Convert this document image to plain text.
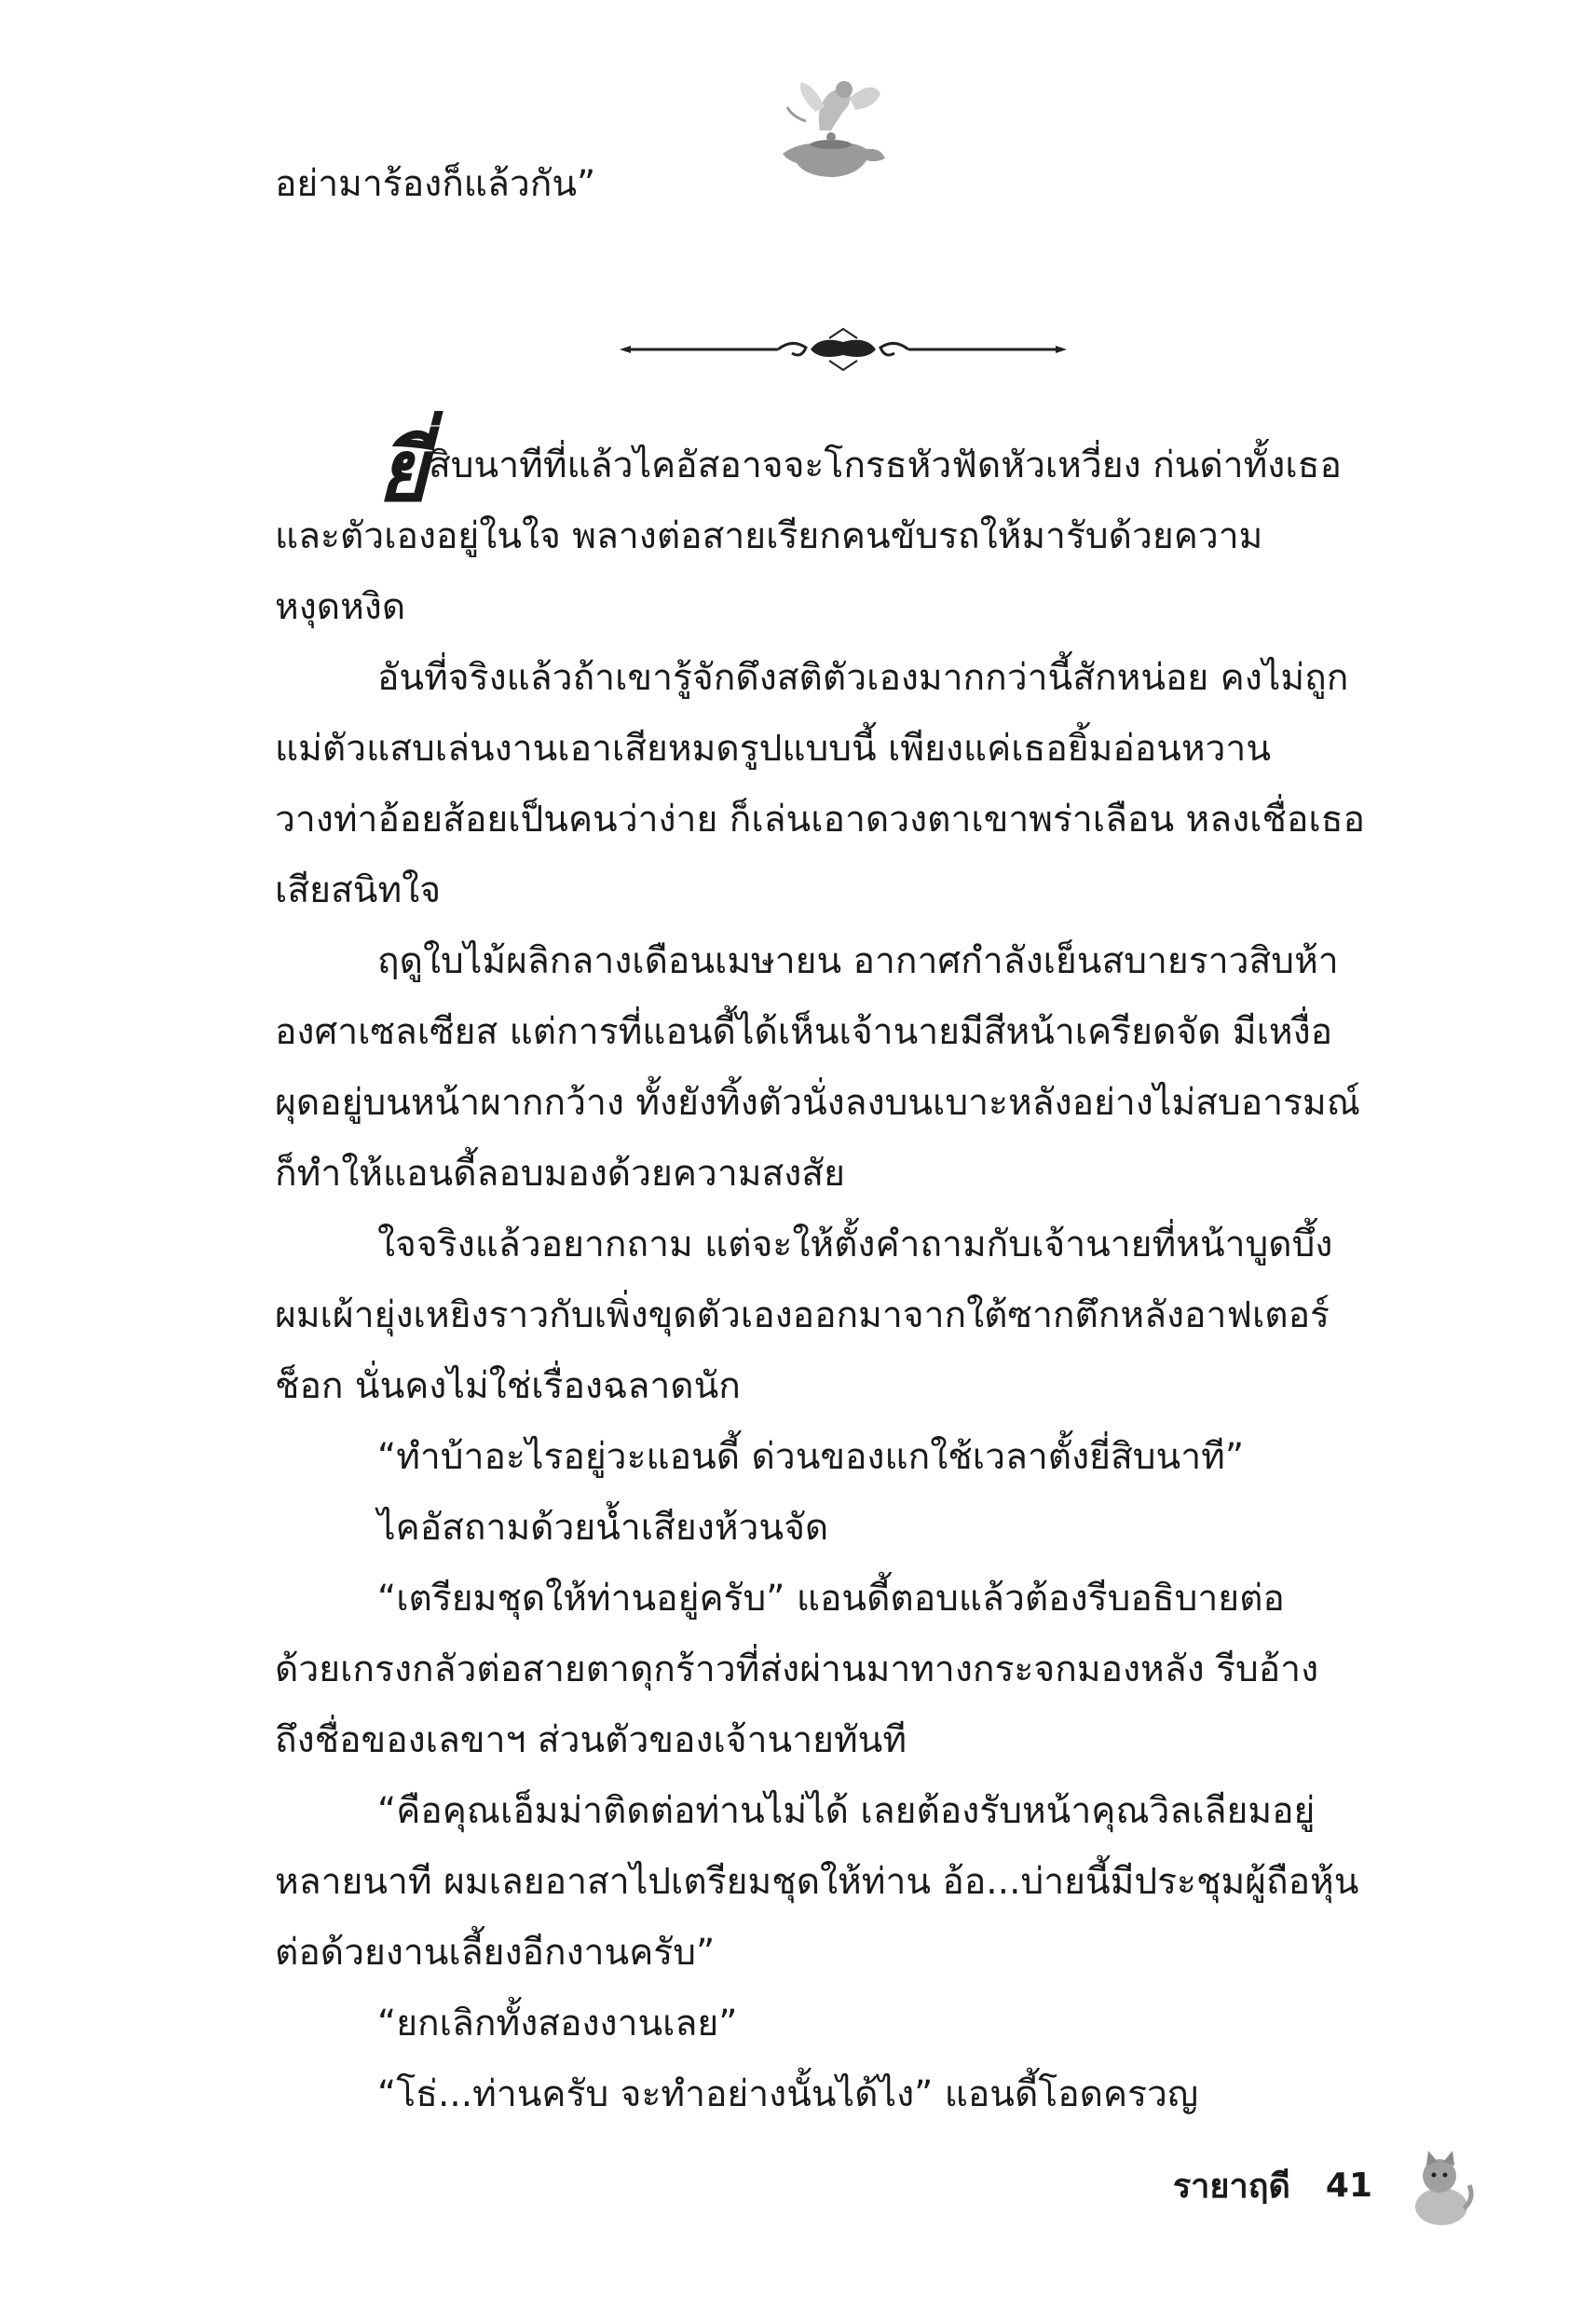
อย่ามาร้องก็แล้วกัน”
ยี่ สิบนาทีที่แล้วไคอัสอาจจะโกรธหัวฟัดหัวเหวี่ยง ก่นด่าทั้งเธอ
และตัวเองอยู่ในใจ พลางต่อสายเรียกคนขับรถให้มารับด้วยความ
หงุดหงิด
อันที่จริงแล้วถ้าเขารู้จักดึงสติตัวเองมากกว่านี้สักหน่อย คงไม่ถูก
แม่ตัวแสบเล่นงานเอาเสียหมดรูปแบบนี้ เพียงแค่เธอยิ้มอ่อนหวาน
วางท่าอ้อยส้อยเป็นคนว่าง่าย ก็เล่นเอาดวงตาเขาพร่าเลือน หลงเชื่อเธอ
เสียสนิทใจ
ฤดูใบไม้ผลิกลางเดือนเมษายน อากาศกำลังเย็นสบายราวสิบห้า
องศาเซลเซียส แต่การที่แอนดี้ได้เห็นเจ้านายมีสีหน้าเครียดจัด มีเหงื่อ
ผุดอยู่บนหน้าผากกว้าง ทั้งยังทิ้งตัวนั่งลงบนเบาะหลังอย่างไม่สบอารมณ์
ก็ทำให้แอนดี้ลอบมองด้วยความสงสัย
ใจจริงแล้วอยากถาม แต่จะให้ตั้งคำถามกับเจ้านายที่หน้าบูดบึ้ง
ผมเผ้ายุ่งเหยิงราวกับเพิ่งขุดตัวเองออกมาจากใต้ซากตึกหลังอาฟเตอร์
ช็อก นั่นคงไม่ใช่เรื่องฉลาดนัก
“ทำบ้าอะไรอยู่วะแอนดี้ ด่วนของแกใช้เวลาตั้งยี่สิบนาที”
ไคอัสถามด้วยน้ำเสียงห้วนจัด
“เตรียมชุดให้ท่านอยู่ครับ” แอนดี้ตอบแล้วต้องรีบอธิบายต่อ
ด้วยเกรงกลัวต่อสายตาดุกร้าวที่ส่งผ่านมาทางกระจกมองหลัง รีบอ้าง
ถึงชื่อของเลขาฯ ส่วนตัวของเจ้านายทันที
“คือคุณเอ็มม่าติดต่อท่านไม่ได้ เลยต้องรับหน้าคุณวิลเลียมอยู่
หลายนาที ผมเลยอาสาไปเตรียมชุดให้ท่าน อ้อ...บ่ายนี้มีประชุมผู้ถือหุ้น
ต่อด้วยงานเลี้ยงอีกงานครับ”
“ยกเลิกทั้งสองงานเลย”
“โธ่...ท่านครับ จะทำอย่างนั้นได้ไง” แอนดี้โอดครวญ
รายาฤดี 41
